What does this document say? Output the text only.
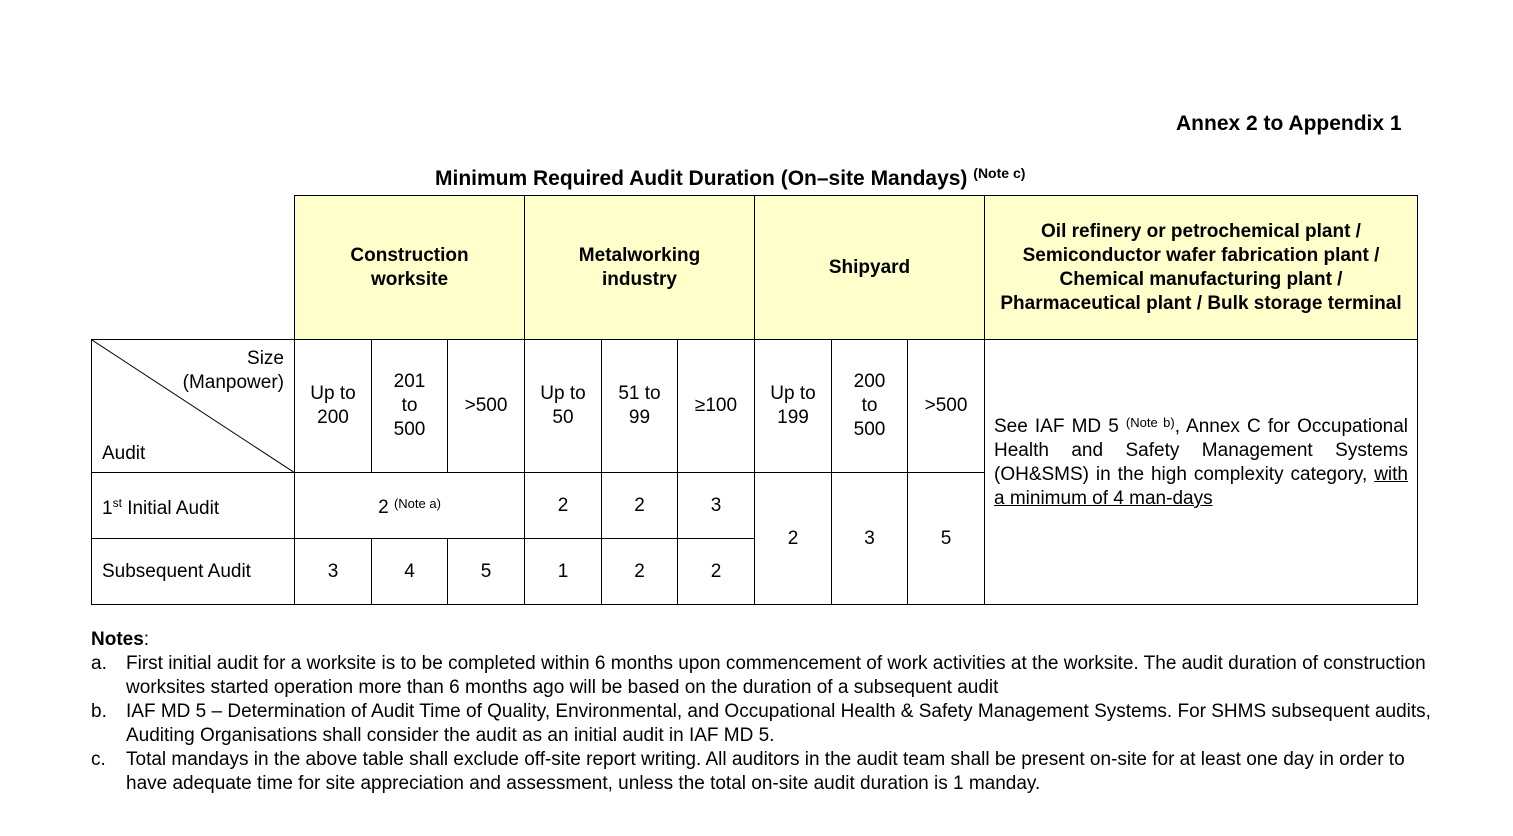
Annex 2 to Appendix 1
Minimum Required Audit Duration (On–site Mandays) $^{(Note c)}$
	Construction worksite			Metalworking industry			Shipyard			Oil refinery or petrochemical plant / Semiconductor wafer fabrication plant / Chemical manufacturing plant / Pharmaceutical plant / Bulk storage terminal

Size
(Manpower)
Audit	Up to 200	201 to 500	>500	Up to 50	51 to 99	≥100	Up to 199	200 to 500	>500	See IAF MD 5 $^{(Note b)}$, Annex C for Occupational Health and Safety Management Systems (OH&SMS) in the high complexity category, with a minimum of 4 man-days

1st Initial Audit	2 $^{(Note a)}$			2	2	3	2	3	5	
Subsequent Audit	3	4	5	1	2	2				
Notes:
a.	First initial audit for a worksite is to be completed within 6 months upon commencement of work activities at the worksite. The audit duration of construction worksites started operation more than 6 months ago will be based on the duration of a subsequent audit
b.	IAF MD 5 – Determination of Audit Time of Quality, Environmental, and Occupational Health & Safety Management Systems. For SHMS subsequent audits, Auditing Organisations shall consider the audit as an initial audit in IAF MD 5.
c.	Total mandays in the above table shall exclude off-site report writing. All auditors in the audit team shall be present on-site for at least one day in order to have adequate time for site appreciation and assessment, unless the total on-site audit duration is 1 manday.
